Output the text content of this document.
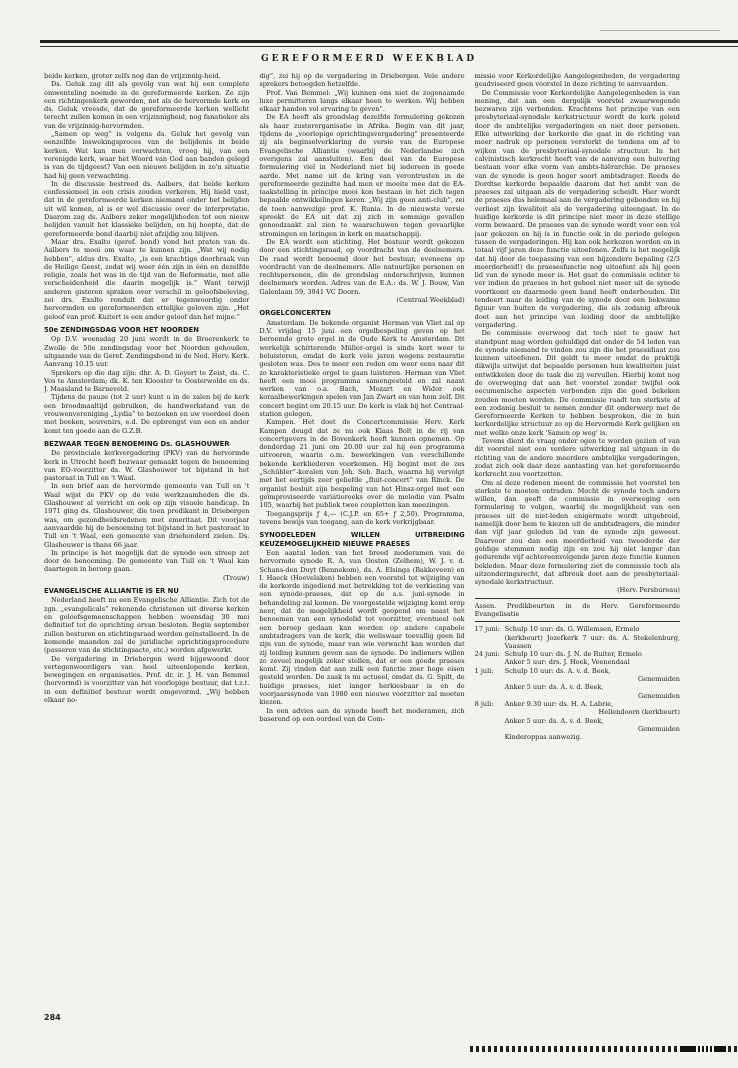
GEREFORMEERD WEEKBLAD

beide kerken, groter zelfs nog dan de vrijzinnig-heid.

Ds. Geluk zag dit als gevolg van wat hij een complete omwenteling noemde in de gereformeerde kerken. Ze zijn een richtingenkerk geworden, net als de hervormde kerk en ds. Geluk vreesde, dat de gereformeerde kerken wellicht terecht zullen komen in een vrijzinnigheid, nog fanatieker als van de vrijzinnig-hervormden.

„Samen op weg” is volgens ds. Geluk het gevolg van eenzelfde loswekingsproces van de belijdenis in beide kerken. Wat kan men verwachten, vroeg hij, van een verenigde kerk, waar het Woord van God aan banden gelegd is van de tijdgeest? Van een nieuwe belijden in zo'n situatie had hij geen verwachting.

In de discussie bestreed ds. Aalbers, dat beide kerken confessioneel in een crisis zouden verkeren. Hij hield vast, dat in de gereformeerde kerken niemand onder het belijden uit wil komen, al is er wel discussie over de interpretatie. Daarom zag ds. Aalbers zeker mogelijkheden tot een nieuw belijden vanuit het klassieke belijden, en hij hoopte, dat de gereformeerde bond daarbij niet afzijdig zou blijven.

Maar drs. Exalto (geref. bond) vond het praten van ds. Aalbers te mooi om waar te kunnen zijn. „Wat wij nodig hebben”, aldus drs. Exalto, „is een krachtige doorbraak van de Heilige Geest, zodat wij weer één zijn in één en dezelfde religie, zoals het was in de tijd van de Reformatie, met alle verscheidenheid die daarin mogelijk is.” Want terwijl anderen gisteren spraken over verschil in geloofsbeleving, zei drs. Exalto rondult dat er tegenwoordig onder hervormden en gereformeerden ettelijke geloven zijn. „Het geloof van prof. Kuitert is een ander geloof dan het mijne.”

50e ZENDINGSDAG VOOR HET NOORDEN

Op D.V. woensdag 20 juni wordt in de Broerenkerk te Zwolle de 50e zendingsdag voor het Noorden gehouden, uitgaande van de Geref. Zendingsbond in de Ned. Herv. Kerk. Aanvang 10.15 uur.

Sprekers op die dag zijn: dhr. A. D. Goyert te Zeist, ds. C. Vos te Amsterdam; dk. K. ten Klooster te Oosterwolde en ds. J. Maasland te Barneveld.

Tijdens de pauze (tot 2 uur) kunt u in de zalen bij de kerk een broodmaaltijd gebruiken, de handwerkstand van de vrouwenvereniging „Lydia” te bezoeken en uw voordeel doen met boeken, souvenirs, e.d. De opbrengst van een en ander komt ten goede aan de G.Z.B.

BEZWAAR TEGEN BENOEMING Ds. GLASHOUWER

De provinciale kerkvergadering (PKV) van de hervormde kerk in Utrecht heeft bezwaar gemaakt tegen de benoeming van EO-voorzitter ds. W. Glashouwer tot bijstand in het pastoraat in Tull en 't Waal.

In een brief aan de hervormde gemeente van Tull en 't Waal wijst de PKV op de vele werkzaamheden die ds. Glashouwer al verricht en ook op zijn visuele handicap. In 1971 ging ds. Glashouwer, die toen predikant in Driebergen was, om gezondheidsredenen met emeritaat. Dit voorjaar aanvaardde hij de benoeming tot bijstand in het pastoraat in Tull en 't Waal, een gemeente van driehonderd zielen. Ds. Glashouwer is thans 66 jaar.

In principe is het mogelijk dat de synode een streep zet door de benoeming. De gemeente van Tull en 't Waal kan daartegen in beroep gaan.

(Trouw)

EVANGELISCHE ALLIANTIE IS ER NU

Nederland heeft nu een Evangelische Alliantie. Zich tot de zgn. „evangelicals” rekenende christenen uit diverse kerken en geloofsgemeenschappen hebben woensdag 30 mei definitief tot de oprichting ervan besloten. Begin september zullen besturen en stichtingsraad worden geïnstalleerd. In de komende maanden zal de juridische oprichtingsprocedure (passeren van de stichtingsacte, etc.) worden afgewerkt.

De vergadering in Driebergen werd bijgewoond door vertegenwoordigers van heel uiteenlopende kerken, bewegingen en organisaties. Prof. dr. ir. J. H. van Bemmel (hervormd) is voorzitter van het voorlopige bestuur, dat t.z.t. in een definitief bestuur wordt omgevormd. „Wij hebben elkaar no-

dig”, zei hij op de vergadering in Driebergen. Vele andere sprekers betoogden hetzelfde.

Prof. Van Bemmel: „Wij kunnen ons niet de zogenaamde luxe permitteren langs elkaar heen te werken. Wij hebben elkaar handen vol ervaring te geven”.

De EA heeft als grondslag dezelfde formulering gekozen als haar zusterorganisatie in Afrika. Begin van dit jaar, tijdens de „voorlopige oprichtingsvergadering” presenteerde zij als beginselverklaring de versie van de Europese Evangelische Alliantie (waarbij de Nederlandse zich overigens zal aansluiten). Een deel van de Europese formulering viel in Nederland niet bij iedereen in goede aarde. Met name uit de kring van verontrusten in de gereformeerde gezindte had men er moeite mee dat de EA-taakstelling in principe mooi kon bestaan in het zich tegen bepaalde ontwikkelingen keren. „Wij zijn geen anti-club”, zei de toen aanwezige prof. K. Runia. In de nieuwste versie spreekt de EA uit dat zij zich in sommige gevallen genoodzaakt zal zien te waarschuwen tegen gevaarlijke stromingen en leringen in kerk en maatschappij.

De EA wordt een stichting. Het bestuur wordt gekozen door een stichtingsraad, op voordracht van de deelnemers. De raad wordt benoemd door het bestuur, eveneens op voordracht van de deelnemers. Alle natuurlijke personen en rechtspersonen, die de grondslag onderschrijven, kunnen deelnemers worden. Adres van de E.A.: ds. W. J. Bouw, Van Galenlaan 59, 3941 VC Doorn.

(Centraal Weekblad)

ORGELCONCERTEN

Amsterdam. De bekende organist Herman van Vliet zal op D.V. vrijdag 15 juni een orgelbespeling geven op het beroemde grote orgel in de Oude Kerk te Amsterdam. Dit werkelijk schitterende Müller-orgel is sinds kort weer te beluisteren, omdat de kerk vele jaren wegens restauratie gesloten was. Des te meer een reden om weer eens naar dit zo karakteristieke orgel te gaan luisteren. Herman van Vliet heeft een mooi programma samengesteld en zal naast werken van o.a. Bach, Mozart en Widor ook koraalbewerkingen spelen van Jan Zwart en van hem zelf. Dit concert begint om 20.15 uur. De kerk is vlak bij het Centraal-station gelegen.

Kampen. Het doet de Concertcommissie Herv. Kerk Kampen deugd dat ze nu ook Klaas Bolt in de rij van concertgevers in de Bovenkerk heeft kunnen opnemen. Op donderdag 21 juni om 20.00 uur zal hij een programma uitvoeren, waarin o.m. bewerkingen van verschillende bekende kerkliederen voorkomen. Hij begint met de zes „Schübler”-koralen van Joh. Seb. Bach, waarna hij vervolgt met het eertijds zeer geliefde „fluit-concert” van Rinck. De organist besluit zijn bespeling van het Hinsz-orgel met een geïmproviseerde variatiereeks over de melodie van Psalm 105, waarbij het publiek twee coupletten kan meezingen.

Toegangsprijs ƒ 4,— (C.J.P. en 65+ ƒ 2,50). Programma, tevens bewijs van toegang, aan de kerk verkrijgbaar.

SYNODELEDEN WILLEN UITBREIDING KEUZEMOGELIJKHEID NIEUWE PRAESES

Een aantal leden van het breed moderamen van de hervormde synode R. A. van Oosten (Zelhem), W. J. v. d. Schans-den Duyt (Bennekom), ds. A. Elsinga (Bakkeveen) en I. Haeck (Hoevelaken) hebben een voorstel tot wijziging van de kerkorde ingediend met betrekking tot de verkiezing van een synode-praeses, dat op de a.s. juni-synode in behandeling zal komen. De voorgestelde wijziging komt erop neer, dat de mogelijkheid wordt geopend om naast het benoemen van een synodelid tot voorzitter, eventueel ook een beroep gedaan kan worden op andere capabele ambtsdragers van de kerk, die weliswaar toevallig geen lid zijn van de synode, maar van wie verwacht kan worden dat zij leiding kunnen geven aan de synode. De indieners willen zo zoveel mogelijk zeker stellen, dat er een goede praeses komt. Zij vinden dat aan zulk een functie zeer hoge eisen gesteld worden. De zaak is nu actueel, omdat ds. G. Spilt, de huidige praeses, niet langer herkiesbaar is en de voorjaarssynode van 1980 een nieuwe voorzitter zal moeten kiezen.

In een advies aan de synode heeft het moderamen, zich baserend op een oordeel van de Com-

missie voor Kerkordelijke Aangelegenheden, de vergadering geadviseerd geen voorstel in deze richting te aanvaarden.

De Commissie voor Kerkordelijke Aangelegenheden is van mening, dat aan een dergelijk voorstel zwaarwegende bezwaren zijn verbonden. Krachtens het principe van een presbyteriaal-synodale kerkstructuur wordt de kerk geleid door de ambtelijke vergaderingen en niet door personen. Elke uitwerking der kerkorde die gaat in de richting van meer nadruk op personen versterkt de tendens om af te wijken van de presbyteriaal-synodale structuur. In het calvinistisch kerkrecht heeft van de aanvang een huivering bestaan voor elke vorm van ambts-hiërarchie. De praeses van de synode is geen hoger soort ambtsdrager. Reeds de Dordtse kerkorde bepaalde daarom dat het ambt van de praeses zal uitgaan als de vergadering scheidt. Hier wordt de praeses dus helemaal aan de vergadering gebonden en hij verliest zijn kwaliteit als de vergadering uiteengaat. In de huidige kerkorde is dit principe niet meer in deze stellige vorm bewaard. De praeses van de synode wordt voor een vol jaar gekozen en hij is in functie ook in de periode gelegen tussen de vergaderingen. Hij kan ook herkozen worden en in totaal vijf jaren deze functie uitoefenen. Zelfs is het mogelijk dat hij door de toepassing van een bijzondere bepaling (2/3 meerderheid!) de praesesfunctie nog uitoefent als hij geen lid van de synode meer is. Het gaat de commissie echter te ver indien de praeses in het geheel niet meer uit de synode voortkomt en daarmede geen band heeft onderhouden. Dit tendeert naar de leiding van de synode door een bekwame figuur van buiten de vergadering, die als zodanig afbreuk doet aan het principe van leiding door de ambtelijke vergadering.

De commissie overwoog dat toch niet te gauw het standpunt mag worden gehuldigd dat onder de 54 leden van de synode niemand te vinden zou zijn die het praesidiaat zou kunnen uitoefenen. Dit geldt te meer omdat de praktijk dikwijls uitwijst dat bepaalde personen hun kwaliteiten juist ontwikkelen door de taak die zij vervullen. Hierbij komt nog de overweging dat aan het voorstel zonder twijfel ook oecumenische aspecten verbonden zijn die goed bekeken zouden moeten worden. De commissie raadt ten sterkste af een zodanig besluit te nemen zonder dit onderwerp met de Gereformeerde Kerken te hebben besproken, die in hun kerkordelijke structuur zo op de Hervormde Kerk gelijken en met welke onze kerk 'Samen op weg' is.

Tevens dient de vraag onder ogen te worden gezien of van dit voorstel niet een verdere uitwerking zal uitgaan in de richting van de andere meerdere ambtelijke vergaderingen, zodat zich ook daar deze aantasting van het gereformeerde kerkrecht zou voortzetten.

Om al deze redenen meent de commissie het voorstel ten sterkste te moeten ontraden. Mocht de synode toch anders willen, dan geeft de commissie in overweging een formulering te volgen, waarbij de mogelijkheid van een praeses uit de niet-leden enigermate wordt uitgebreid, namelijk door hem te kiezen uit de ambtsdragers, die minder dan vijf jaar geleden lid van de synode zijn geweest. Daarvoor zou dan een meerderheid van tweederde der geldige stemmen nodig zijn en zou hij niet langer dan gedurende vijf achtereenvolgende jaren deze functie kunnen bekleden. Maar deze formulering ziet de commissie toch als uitzonderingsrecht, dat afbreuk doet aan de presbyteriaal-synodale kerkstructuur.

(Herv. Persbureau)

Assen. Predikbeurten in de Herv. Gereformeerde Evangelisatie

17 juni: Schulp 10 uur: ds. G. Willemsen, Ermelo
(kerkbeurt) Jozefkerk 7 uur: ds. A. Stekelenburg, Vaassen
24 juni: Schulp 10 uur: ds. J. N. de Ruiter, Ermelo
Anker 5 uur: drs. J. Hoek, Veenendaal
1 juli:	Schulp 10 uur: ds. A. v. d. Beek,
Genemuiden
Anker 5 uur: ds. A. v. d. Beek,
Genemuiden
8 juli:	Anker 9.30 uur: ds. H. A. Labrie,
Hellendoorn (kerkbeurt)
Anker 5 uur: ds. A. v. d. Beek,
Genemuiden

Kinderoppas aanwezig.

284
